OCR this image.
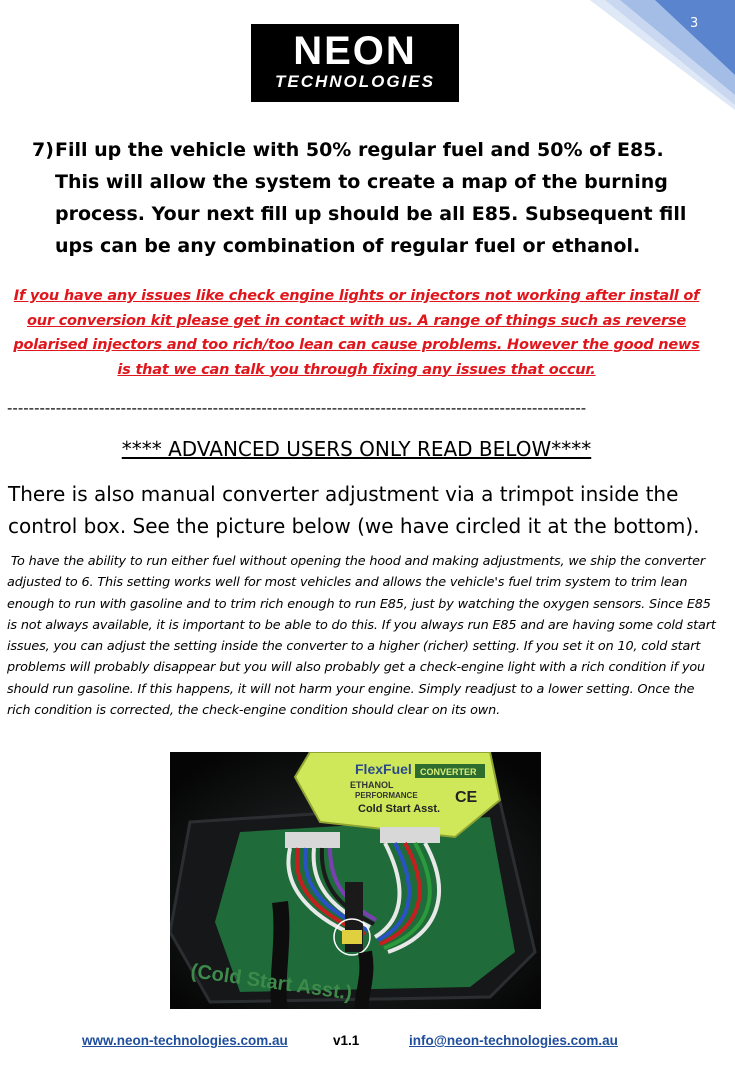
3
NEON
TECHNOLOGIES
7) Fill up the vehicle with 50% regular fuel and 50% of E85. This will allow the system to create a map of the burning process. Your next fill up should be all E85. Subsequent fill ups can be any combination of regular fuel or ethanol.
If you have any issues like check engine lights or injectors not working after install of our conversion kit please get in contact with us. A range of things such as reverse polarised injectors and too rich/too lean can cause problems. However the good news is that we can talk you through fixing any issues that occur.
-----------------------------------------------------------------------------------------------------------
**** ADVANCED USERS ONLY READ BELOW****
There is also manual converter adjustment via a trimpot inside the control box. See the picture below (we have circled it at the bottom).
To have the ability to run either fuel without opening the hood and making adjustments, we ship the converter adjusted to 6. This setting works well for most vehicles and allows the vehicle's fuel trim system to trim lean enough to run with gasoline and to trim rich enough to run E85, just by watching the oxygen sensors. Since E85 is not always available, it is important to be able to do this. If you always run E85 and are having some cold start issues, you can adjust the setting inside the converter to a higher (richer) setting. If you set it on 10, cold start problems will probably disappear but you will also probably get a check-engine light with a rich condition if you should run gasoline. If this happens, it will not harm your engine. Simply readjust to a lower setting. Once the rich condition is corrected, the check-engine condition should clear on its own.
FlexFuel CONVERTER
ETHANOL
PERFORMANCE
Cold Start Asst.
CE
(Cold Start Asst.)
www.neon-technologies.com.au	v1.1	info@neon-technologies.com.au
